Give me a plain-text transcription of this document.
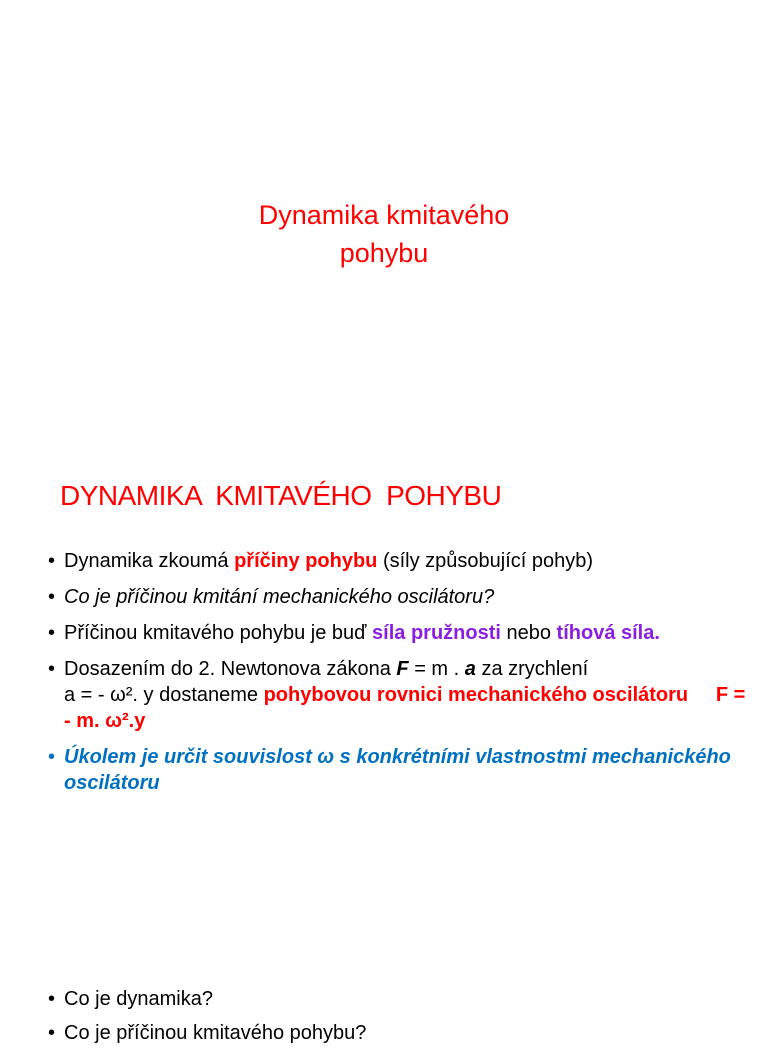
Dynamika kmitavého
pohybu
DYNAMIKA  KMITAVÉHO  POHYBU
• Dynamika zkoumá příčiny pohybu (síly způsobující pohyb)
• Co je příčinou kmitání mechanického oscilátoru?
• Příčinou kmitavého pohybu je buď síla pružnosti nebo tíhová síla.
• Dosazením do 2. Newtonova zákona F = m . a za zrychlení
a = - ω². y dostaneme pohybovou rovnici mechanického oscilátoru     F = - m. ω².y
• Úkolem je určit souvislost ω s konkrétními vlastnostmi mechanického oscilátoru
• Co je dynamika?
• Co je příčinou kmitavého pohybu?
